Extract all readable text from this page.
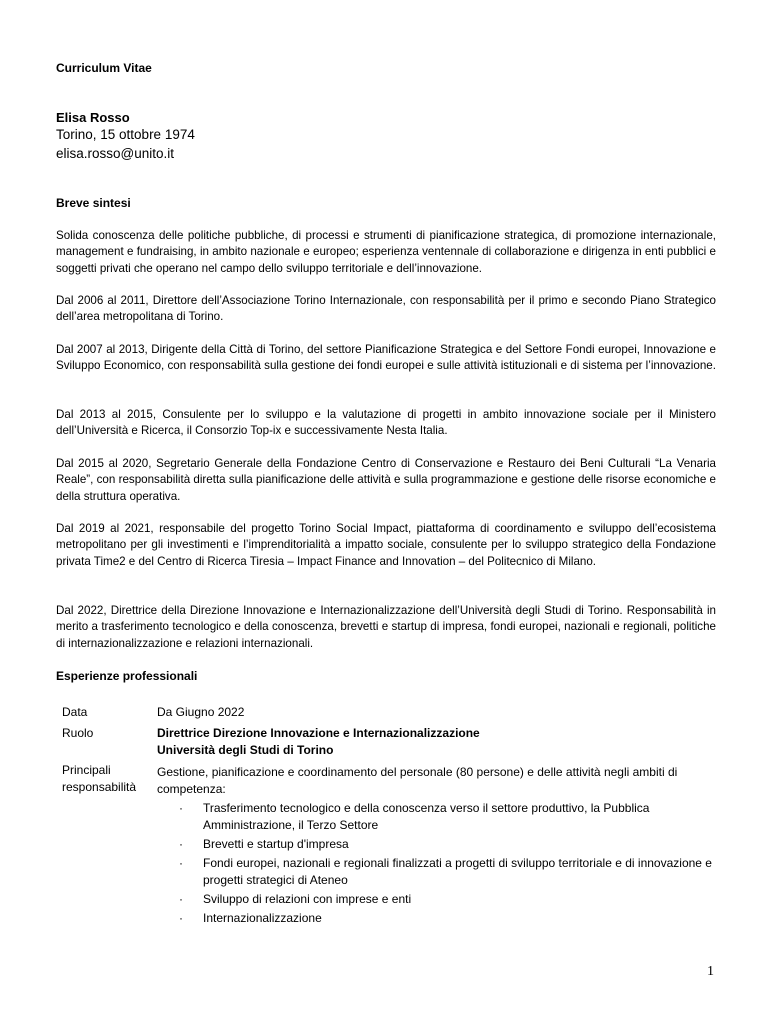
Curriculum Vitae
Elisa Rosso
Torino, 15 ottobre 1974
elisa.rosso@unito.it
Breve sintesi
Solida conoscenza delle politiche pubbliche, di processi e strumenti di pianificazione strategica, di promozione internazionale, management e fundraising, in ambito nazionale e europeo; esperienza ventennale di collaborazione e dirigenza in enti pubblici e soggetti privati che operano nel campo dello sviluppo territoriale e dell’innovazione.
Dal 2006 al 2011, Direttore dell’Associazione Torino Internazionale, con responsabilità per il primo e secondo Piano Strategico dell’area metropolitana di Torino.
Dal 2007 al 2013, Dirigente della Città di Torino, del settore Pianificazione Strategica e del Settore Fondi europei, Innovazione e Sviluppo Economico, con responsabilità sulla gestione dei fondi europei e sulle attività istituzionali e di sistema per l’innovazione.
Dal 2013 al 2015, Consulente per lo sviluppo e la valutazione di progetti in ambito innovazione sociale per il Ministero dell’Università e Ricerca, il Consorzio Top-ix e successivamente Nesta Italia.
Dal 2015 al 2020, Segretario Generale della Fondazione Centro di Conservazione e Restauro dei Beni Culturali “La Venaria Reale”, con responsabilità diretta sulla pianificazione delle attività e sulla programmazione e gestione delle risorse economiche e della struttura operativa.
Dal 2019 al 2021, responsabile del progetto Torino Social Impact, piattaforma di coordinamento e sviluppo dell’ecosistema metropolitano per gli investimenti e l’imprenditorialità a impatto sociale, consulente per lo sviluppo strategico della Fondazione privata Time2 e del Centro di Ricerca Tiresia – Impact Finance and Innovation – del Politecnico di Milano.
Dal 2022, Direttrice della Direzione Innovazione e Internazionalizzazione dell’Università degli Studi di Torino. Responsabilità in merito a trasferimento tecnologico e della conoscenza, brevetti e startup di impresa, fondi europei, nazionali e regionali, politiche di internazionalizzazione e relazioni internazionali.
Esperienze professionali
Data	Da Giugno 2022
Ruolo	Direttrice Direzione Innovazione e Internazionalizzazione
Università degli Studi di Torino
Principali
responsabilità
Gestione, pianificazione e coordinamento del personale (80 persone) e delle attività negli ambiti di competenza:
· Trasferimento tecnologico e della conoscenza verso il settore produttivo, la Pubblica Amministrazione, il Terzo Settore
· Brevetti e startup d'impresa
· Fondi europei, nazionali e regionali finalizzati a progetti di sviluppo territoriale e di innovazione e progetti strategici di Ateneo
· Sviluppo di relazioni con imprese e enti
· Internazionalizzazione
1
